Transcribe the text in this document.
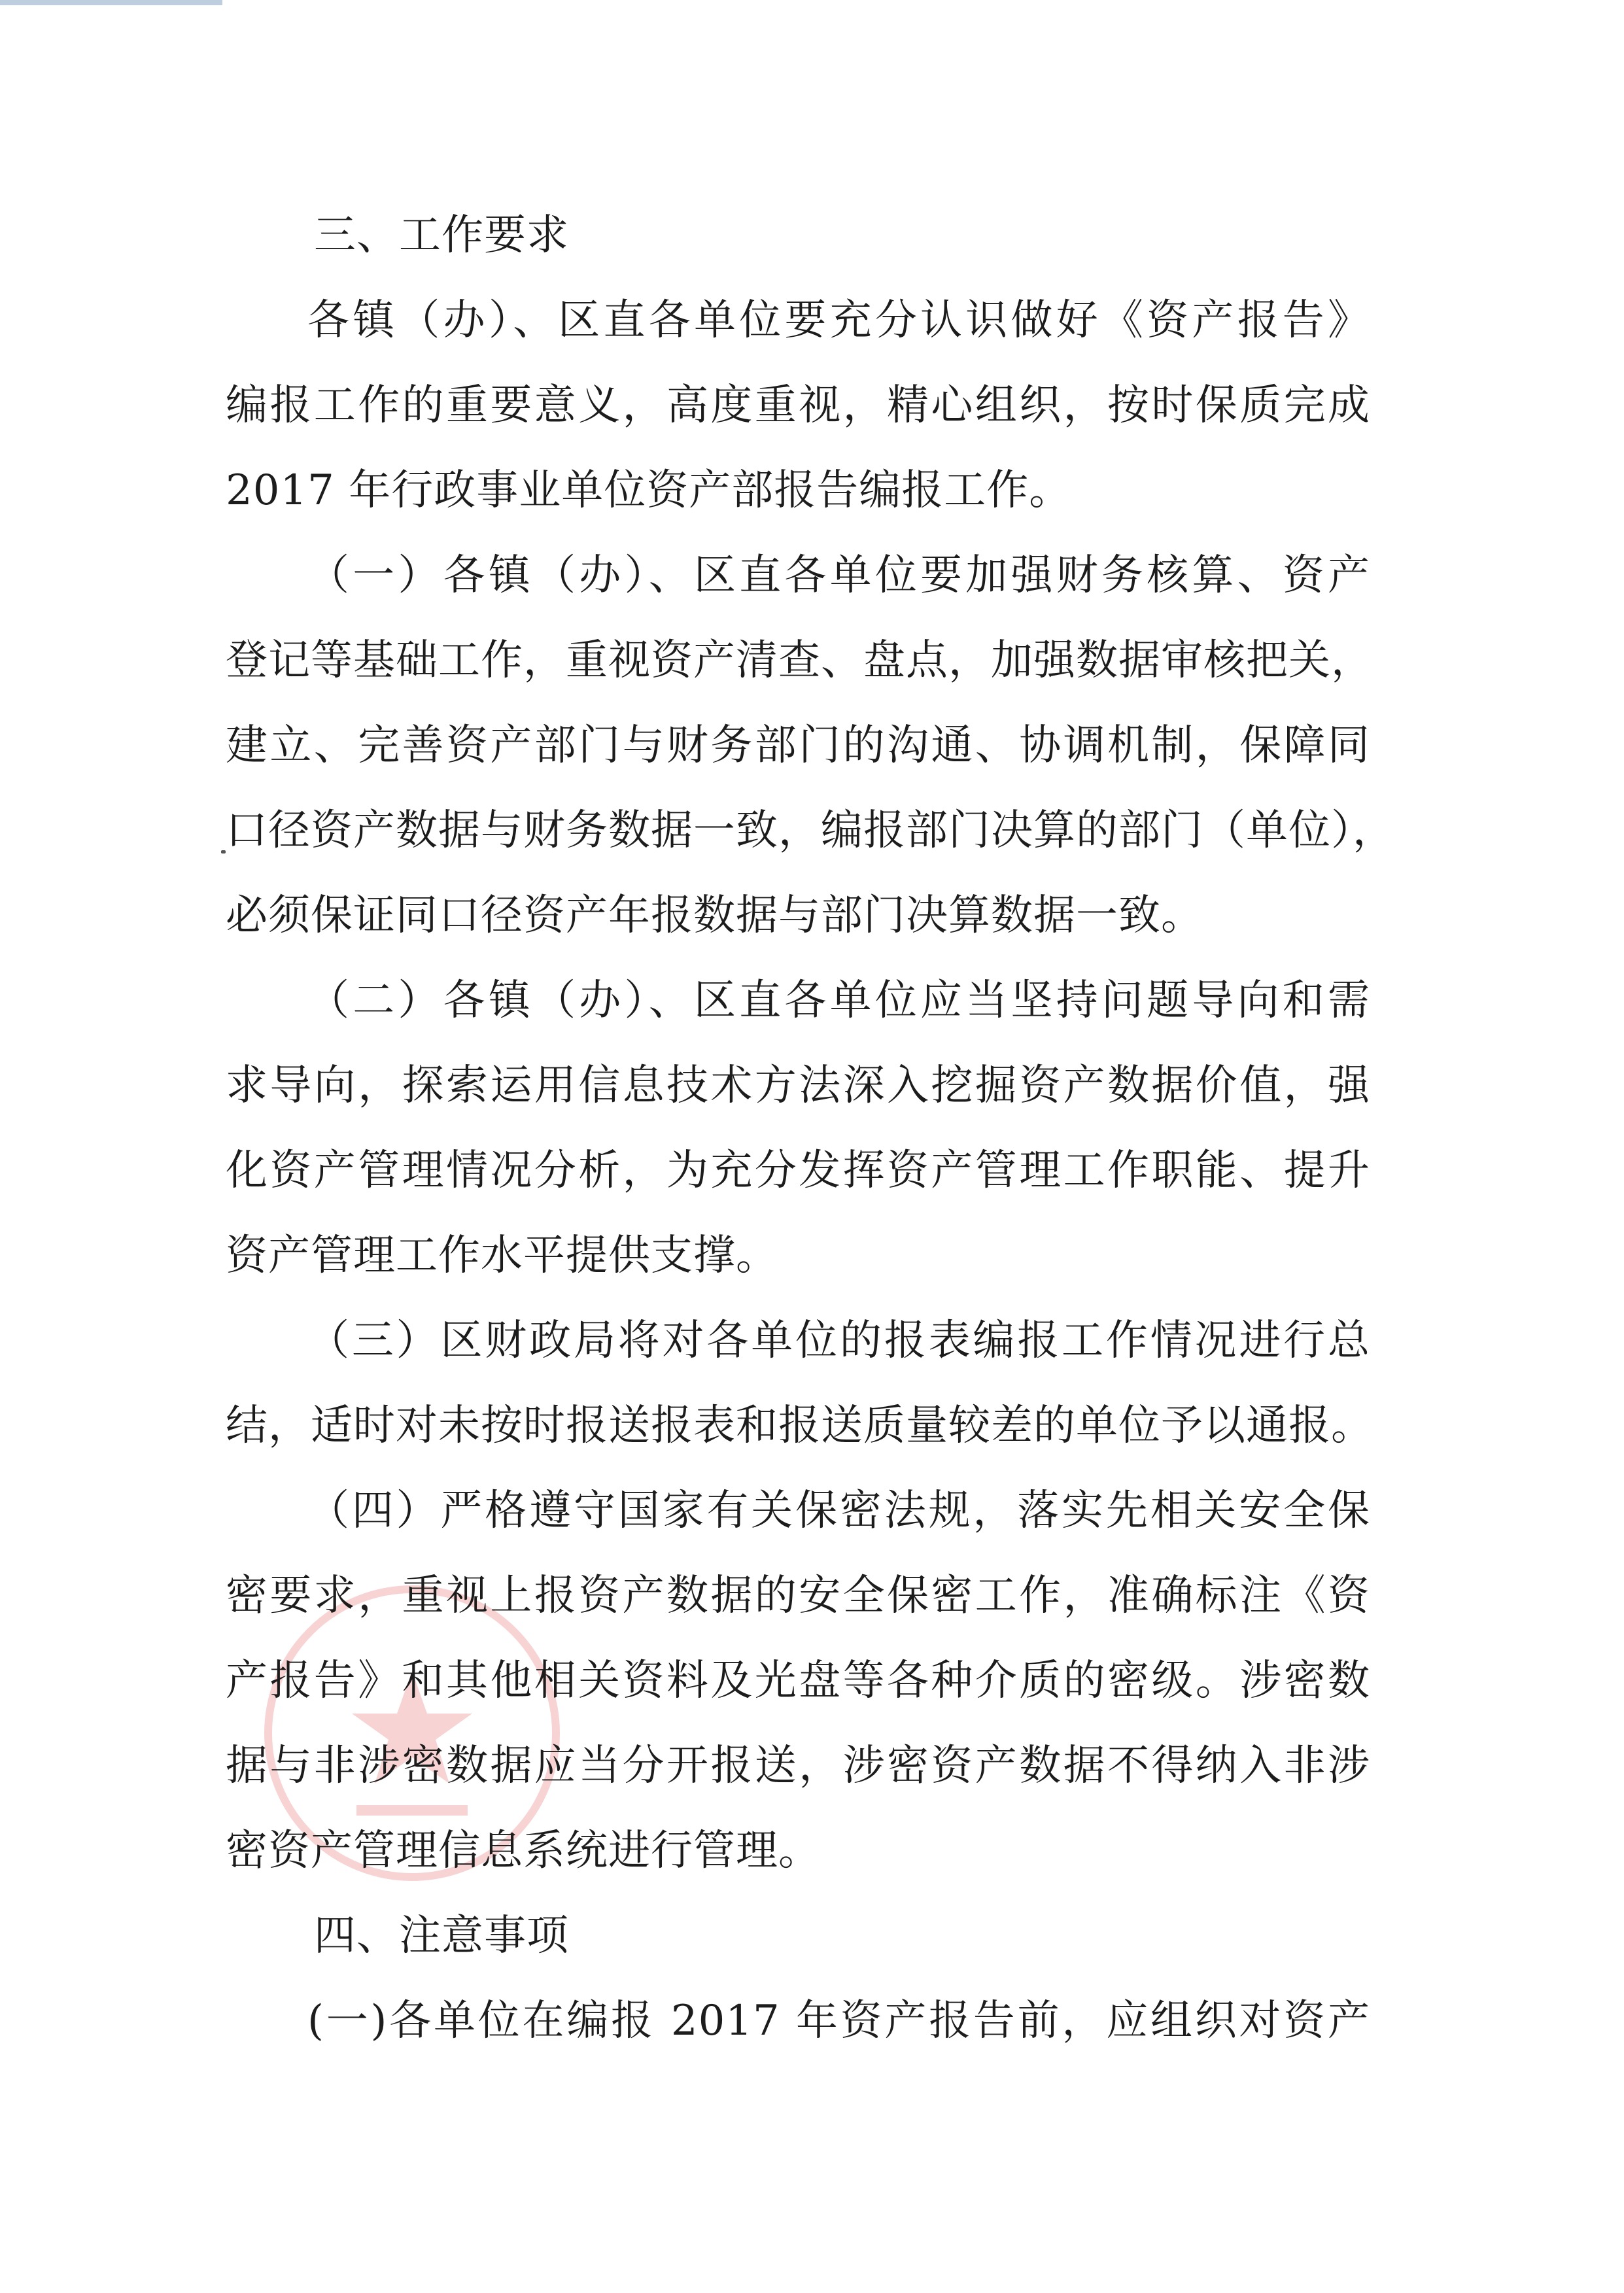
三、工作要求
各镇（办）、区直各单位要充分认识做好《资产报告》
编报工作的重要意义，高度重视，精心组织，按时保质完成
2017 年行政事业单位资产部报告编报工作。
（一）各镇（办）、区直各单位要加强财务核算、资产
登记等基础工作，重视资产清查、盘点，加强数据审核把关，
建立、完善资产部门与财务部门的沟通、协调机制，保障同
口径资产数据与财务数据一致，编报部门决算的部门（单位），
必须保证同口径资产年报数据与部门决算数据一致。
（二）各镇（办）、区直各单位应当坚持问题导向和需
求导向，探索运用信息技术方法深入挖掘资产数据价值，强
化资产管理情况分析，为充分发挥资产管理工作职能、提升
资产管理工作水平提供支撑。
（三）区财政局将对各单位的报表编报工作情况进行总
结，适时对未按时报送报表和报送质量较差的单位予以通报。
（四）严格遵守国家有关保密法规，落实先相关安全保
密要求，重视上报资产数据的安全保密工作，准确标注《资
产报告》和其他相关资料及光盘等各种介质的密级。涉密数
据与非涉密数据应当分开报送，涉密资产数据不得纳入非涉
密资产管理信息系统进行管理。
四、注意事项
(一)各单位在编报 2017 年资产报告前，应组织对资产
